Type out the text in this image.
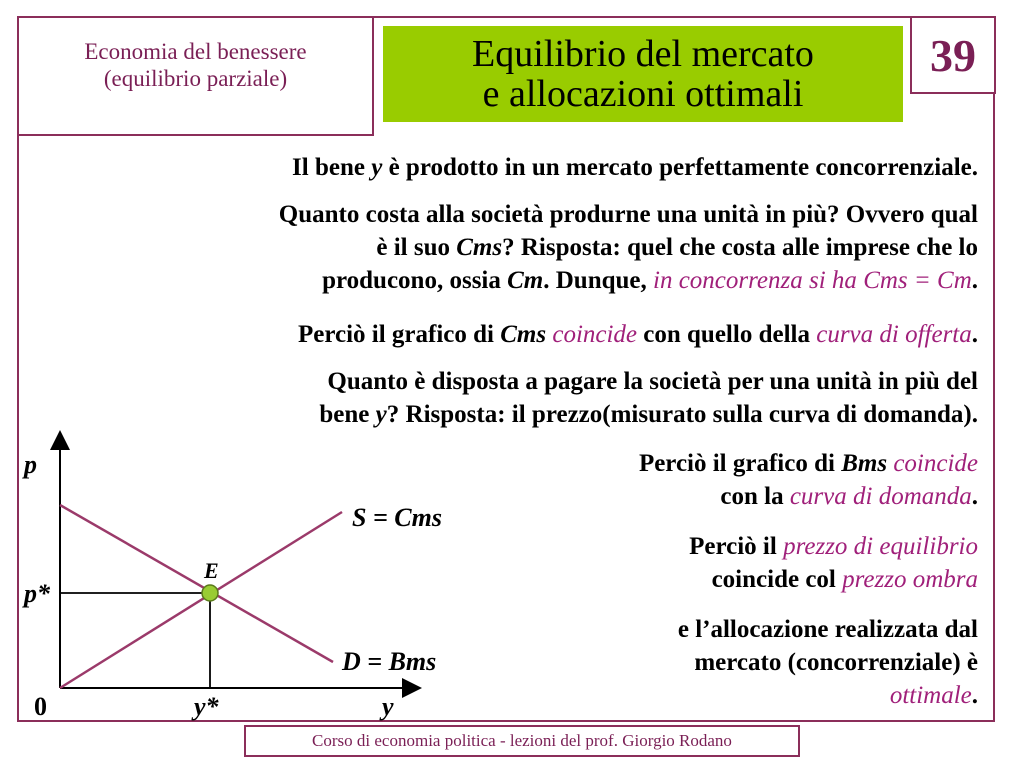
Economia del benessere
(equilibrio parziale)
Equilibrio del mercato
e allocazioni ottimali
39
Il bene y è prodotto in un mercato perfettamente concorrenziale.
Quanto costa alla società produrne una unità in più? Ovvero qual
è il suo Cms? Risposta: quel che costa alle imprese che lo
producono, ossia Cm. Dunque, in concorrenza si ha Cms = Cm.
Perciò il grafico di Cms coincide con quello della curva di offerta.
Quanto è disposta a pagare la società per una unità in più del
bene y? Risposta: il prezzo(misurato sulla curva di domanda).
Perciò il grafico di Bms coincide
con la curva di domanda.
Perciò il prezzo di equilibrio
coincide col prezzo ombra
e l’allocazione realizzata dal
mercato (concorrenziale) è
ottimale.
p
y
0
p*
y*
S = Cms
D = Bms
E
Corso di economia politica - lezioni del prof. Giorgio Rodano
